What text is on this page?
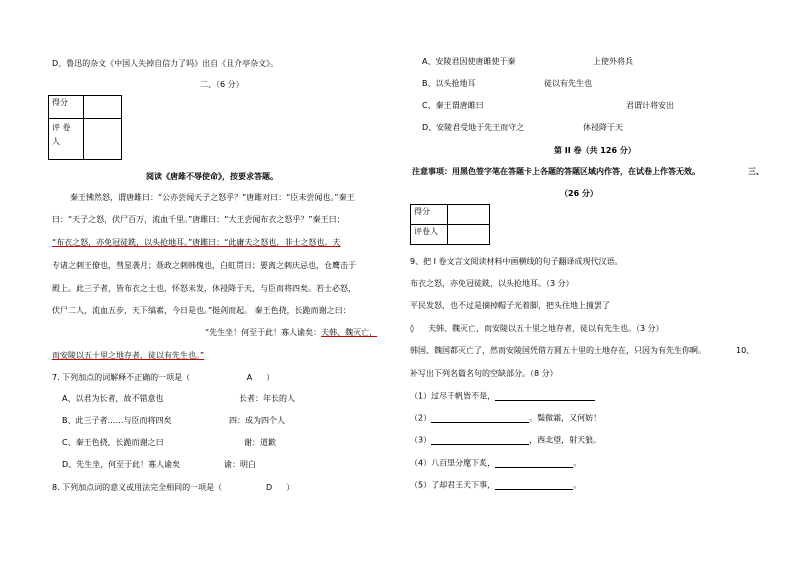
D、鲁迅的杂文《中国人失掉自信力了吗》出自《且介亭杂文》。
二、（6 分）
得分	
评 卷
人	
阅读《唐雎不辱使命》，按要求答题。
秦王怫然怒，谓唐雎曰：“公亦尝闻天子之怒乎？”唐雎对曰：“臣未尝闻也。”秦王
曰：“天子之怒，伏尸百万，流血千里。”唐雎曰：“大王尝闻布衣之怒乎？”秦王曰：
“布衣之怒，亦免冠徒跣，以头抢地耳。”唐雎曰：“此庸夫之怒也，非士之怒也。夫
专诸之刺王僚也，彗星袭月；聂政之刺韩傀也，白虹贯日；要离之刺庆忌也，仓鹰击于
殿上。此三子者，皆布衣之士也，怀怒未发，休祲降于天，与臣而将四矣。若士必怒，
伏尸二人，流血五步，天下缟素，今日是也。”挺剑而起。 秦王色挠，长跪而谢之曰：
“先生坐！何至于此！寡人谕矣：夫韩、魏灭亡，
而安陵以五十里之地存者，徒以有先生也。”
7. 下列加点的词解释不正确的一项是（	A ）
A、以君为长者，故不错意也	长者：年长的人
B、此三子者……与臣而将四矣	四：成为四个人
C、秦王色挠，长跪而谢之曰	谢：道歉
D、先生坐，何至于此！寡人谕矣	谕：明白
8. 下列加点词的意义或用法完全相同的一项是（	D ）
A、安陵君因使唐雎使于秦	上使外将兵
B、以头抢地耳	徒以有先生也
C、秦王谓唐雎曰	君谓计将安出
D、安陵君受地于先王而守之	休祲降于天
第 II 卷（共 126 分）
注意事项：用黑色签字笔在答题卡上各题的答题区域内作答，在试卷上作答无效。	三、
（26 分）
得分	
评卷人	
9、把 I 卷文言文阅读材料中画横线的句子翻译成现代汉语。
布衣之怒，亦免冠徒跣，以头抢地耳。（3 分）
平民发怒，也不过是摘掉帽子光着脚，把头往地上撞罢了
◊ 夫韩、魏灭亡，而安陵以五十里之地存者，徒以有先生也。（3 分）
韩国、魏国都灭亡了，然而安陵国凭借方圆五十里的土地存在，只因为有先生你啊。	10、
补写出下列名篇名句的空缺部分。（8 分）
（1）过尽千帆皆不是，
（2）	。鬓微霜，又何妨！
（3）	，西北望，射天狼。
（4）八百里分麾下炙，	。
（5）了却君王天下事，	。
